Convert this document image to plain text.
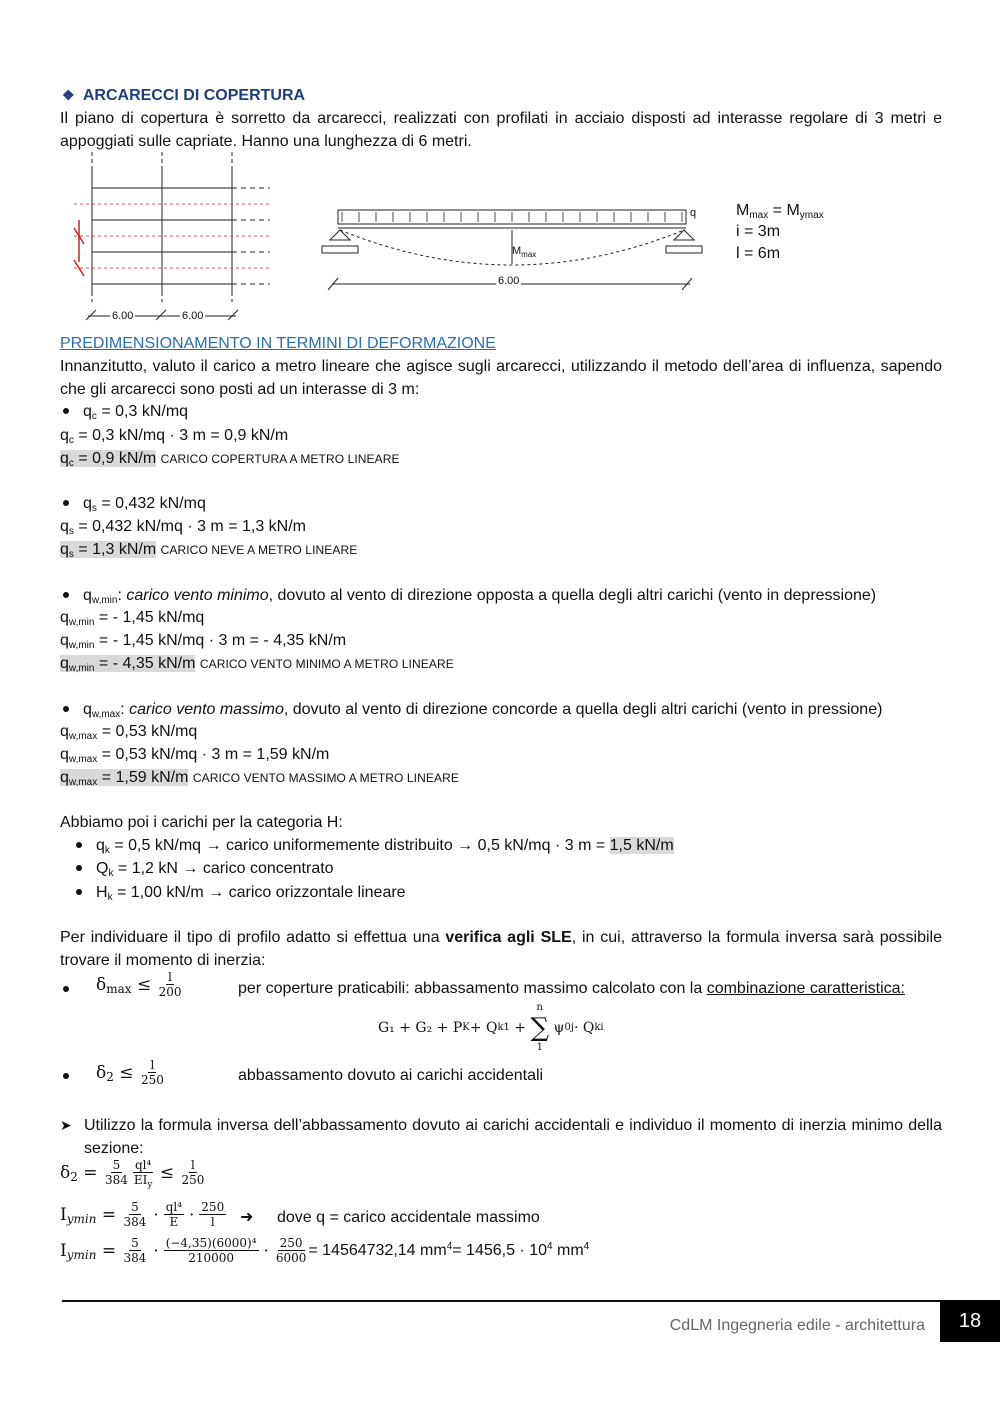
❖ ARCARECCI DI COPERTURA
Il piano di copertura è sorretto da arcarecci, realizzati con profilati in acciaio disposti ad interasse regolare di 3 metri e appoggiati sulle capriate. Hanno una lunghezza di 6 metri.
6.00	6.00
q
$M_{max}$
6.00
$M_{max} = M_{ymax}$
i = 3m
l = 6m
PREDIMENSIONAMENTO IN TERMINI DI DEFORMAZIONE
Innanzitutto, valuto il carico a metro lineare che agisce sugli arcarecci, utilizzando il metodo dell’area di influenza, sapendo che gli arcarecci sono posti ad un interasse di 3 m:
$q_c = 0,3$ kN/mq
$q_c = 0,3$ kN/mq · 3 m = 0,9 kN/m
$q_c = 0,9$ kN/m CARICO COPERTURA A METRO LINEARE
$q_s = 0,432$ kN/mq
$q_s = 0,432$ kN/mq · 3 m = 1,3 kN/m
$q_s = 1,3$ kN/m CARICO NEVE A METRO LINEARE
$q_{w,min}$: carico vento minimo, dovuto al vento di direzione opposta a quella degli altri carichi (vento in depressione)
$q_{w,min}$ = - 1,45 kN/mq
$q_{w,min}$ = - 1,45 kN/mq · 3 m = - 4,35 kN/m
$q_{w,min}$ = - 4,35 kN/m CARICO VENTO MINIMO A METRO LINEARE
$q_{w,max}$: carico vento massimo, dovuto al vento di direzione concorde a quella degli altri carichi (vento in pressione)
$q_{w,max} = 0,53$ kN/mq
$q_{w,max} = 0,53$ kN/mq · 3 m = 1,59 kN/m
$q_{w,max} = 1,59$ kN/m CARICO VENTO MASSIMO A METRO LINEARE
Abbiamo poi i carichi per la categoria H:
$q_k = 0,5$ kN/mq → carico uniformemente distribuito → 0,5 kN/mq · 3 m = 1,5 kN/m
$Q_k = 1,2$ kN → carico concentrato
$H_k = 1,00$ kN/m → carico orizzontale lineare
Per individuare il tipo di profilo adatto si effettua una verifica agli SLE, in cui, attraverso la formula inversa sarà possibile trovare il momento di inerzia:
$\delta_{max} \le \frac{l}{200}$	per coperture praticabili: abbassamento massimo calcolato con la combinazione caratteristica:
G₁ + G₂ + P K + Q k1 +
n
∑
1

ψ 0j · Q ki
$\delta_2 \le \frac{l}{250}$	abbassamento dovuto ai carichi accidentali
➤ Utilizzo la formula inversa dell’abbassamento dovuto ai carichi accidentali e individuo il momento di inerzia minimo della sezione:
$\delta_2 = \frac{5}{384} \frac{\text{ql⁴}}{EI_y} \le \frac{l}{250}$
$I_{ymin} = \frac{5}{384} \cdot \frac{\text{ql⁴}}{E} \cdot \frac{250}{l}$ ➜ dove q = carico accidentale massimo
$I_{ymin} = \frac{5}{384} \cdot \frac{\text{(−4,35)(6000)⁴}}{210000} \cdot \frac{250}{6000} = 14564732,14$ $mm^4= 1456,5 \cdot 10^4$ $mm^4$
CdLM Ingegneria edile - architettura	18
